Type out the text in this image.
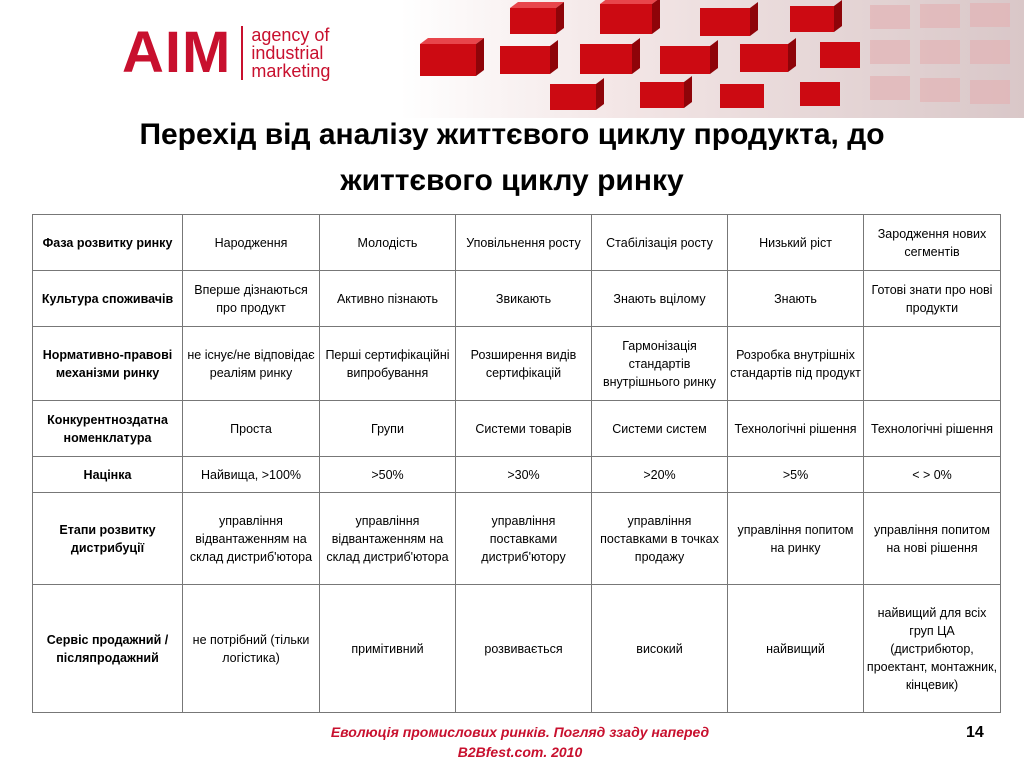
AIM agency of
industrial
marketing
Перехід від аналізу життєвого циклу продукта, до
життєвого циклу ринку
Фаза розвитку ринку	Народження	Молодість	Уповільнення росту	Стабілізація росту	Низький ріст	Зародження нових сегментів
Культура споживачів	Вперше дізнаються про продукт	Активно пізнають	Звикають	Знають вцілому	Знають	Готові знати про нові продукти
Нормативно-правові механізми ринку	не існує/не відповідає реаліям ринку	Перші сертифікаційні випробування	Розширення видів сертифікацій	Гармонізація стандартів внутрішнього ринку	Розробка внутрішніх стандартів під продукт	
Конкурентноздатна номенклатура	Проста	Групи	Системи товарів	Системи систем	Технологічні рішення	Технологічні рішення
Націнка	Найвища, >100%	>50%	>30%	>20%	>5%	< > 0%
Етапи розвитку дистрибуції	управління відвантаженням на склад дистриб'ютора	управління відвантаженням на склад дистриб'ютора	управління поставками дистриб'ютору	управління поставками в точках продажу	управління попитом на ринку	управління попитом на нові рішення
Сервіс продажний / післяпродажний	не потрібний (тільки логістика)	примітивний	розвивається	високий	найвищий	найвищий для всіх груп ЦА (дистрибютор, проектант, монтажник, кінцевик)
Еволюція промислових ринків. Погляд ззаду наперед
B2Bfest.com. 2010
14
